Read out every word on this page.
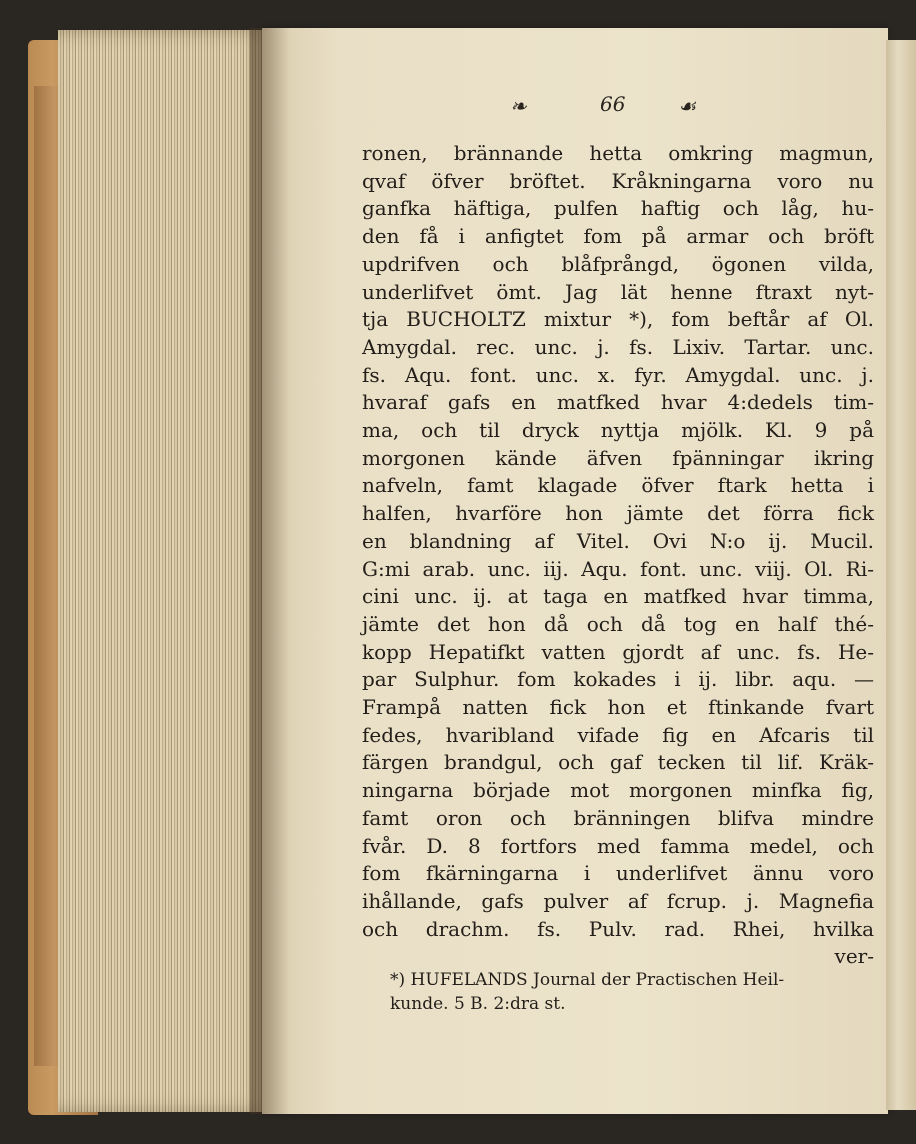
❧	66	☙
ronen, brännande hetta omkring magmun,
qvaf öfver bröftet. Kråkningarna voro nu
ganfka häftiga, pulfen haftig och låg, hu-
den få i anfigtet fom på armar och bröft
updrifven och blåfprångd, ögonen vilda,
underlifvet ömt. Jag lät henne ftraxt nyt-
tja BUCHOLTZ mixtur *), fom beftår af Ol.
Amygdal. rec. unc. j. fs. Lixiv. Tartar. unc.
fs. Aqu. font. unc. x. fyr. Amygdal. unc. j.
hvaraf gafs en matfked hvar 4:dedels tim-
ma, och til dryck nyttja mjölk. Kl. 9 på
morgonen kände äfven fpänningar ikring
nafveln, famt klagade öfver ftark hetta i
halfen, hvarföre hon jämte det förra fick
en blandning af Vitel. Ovi N:o ij. Mucil.
G:mi arab. unc. iij. Aqu. font. unc. viij. Ol. Ri-
cini unc. ij. at taga en matfked hvar timma,
jämte det hon då och då tog en half thé-
kopp Hepatifkt vatten gjordt af unc. fs. He-
par Sulphur. fom kokades i ij. libr. aqu. —
Frampå natten fick hon et ftinkande fvart
fedes, hvaribland vifade fig en Afcaris til
färgen brandgul, och gaf tecken til lif. Kräk-
ningarna började mot morgonen minfka fig,
famt oron och bränningen blifva mindre
fvår. D. 8 fortfors med famma medel, och
fom fkärningarna i underlifvet ännu voro
ihållande, gafs pulver af fcrup. j. Magnefia
och drachm. fs. Pulv. rad. Rhei, hvilka
ver-
*) HUFELANDS Journal der Practischen Heil-
kunde. 5 B. 2:dra st.
